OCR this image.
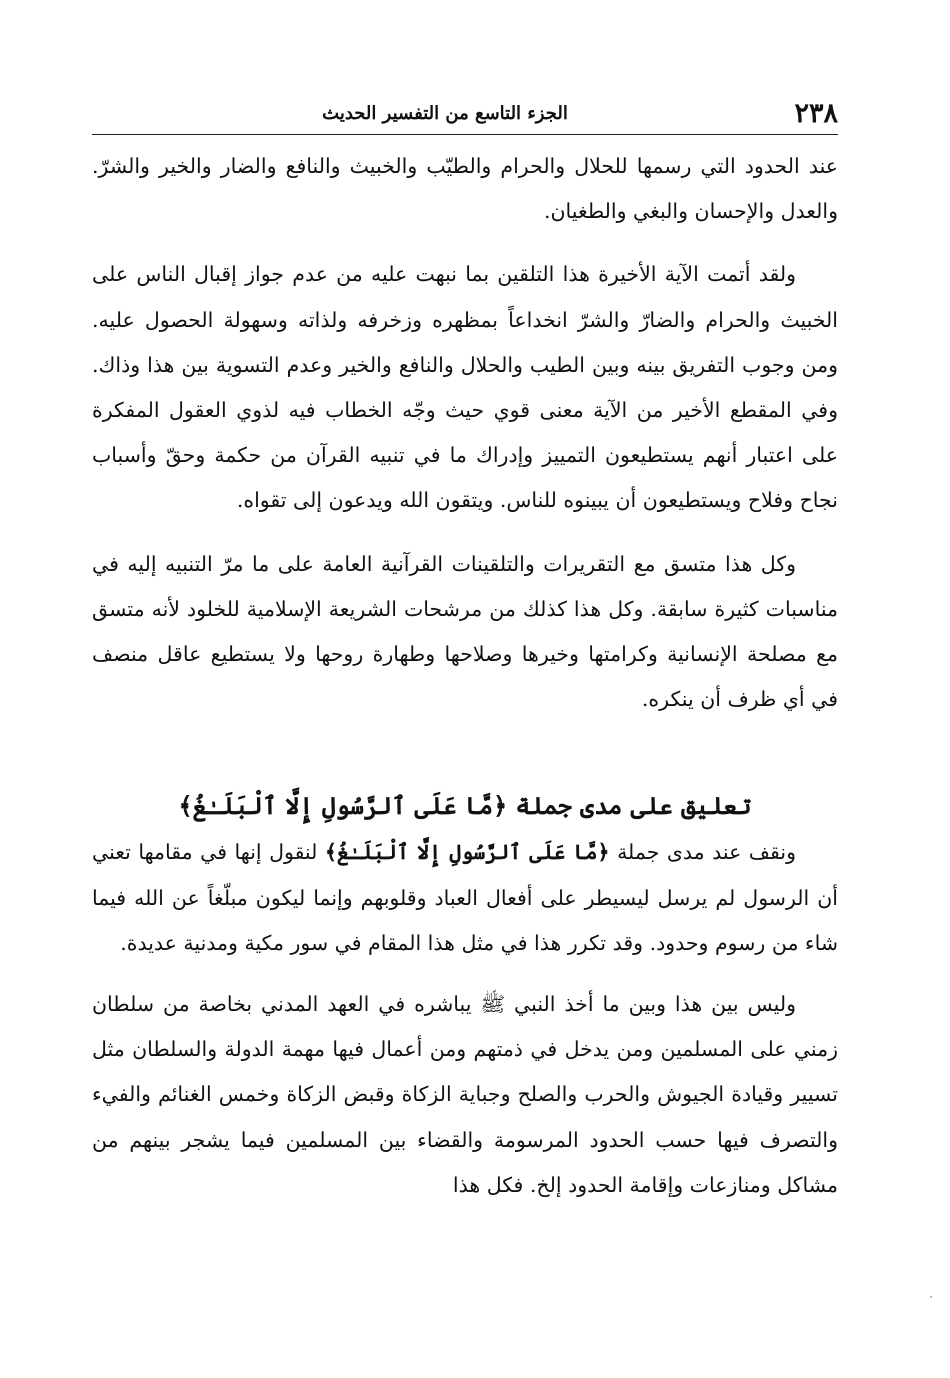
٢٣٨
الجزء التاسع من التفسير الحديث

عند الحدود التي رسمها للحلال والحرام والطيّب والخبيث والنافع والضار والخير والشرّ. والعدل والإحسان والبغي والطغيان.

ولقد أتمت الآية الأخيرة هذا التلقين بما نبهت عليه من عدم جواز إقبال الناس على الخبيث والحرام والضارّ والشرّ انخداعاً بمظهره وزخرفه ولذاته وسهولة الحصول عليه. ومن وجوب التفريق بينه وبين الطيب والحلال والنافع والخير وعدم التسوية بين هذا وذاك. وفي المقطع الأخير من الآية معنى قوي حيث وجّه الخطاب فيه لذوي العقول المفكرة على اعتبار أنهم يستطيعون التمييز وإدراك ما في تنبيه القرآن من حكمة وحقّ وأسباب نجاح وفلاح ويستطيعون أن يبينوه للناس. ويتقون الله ويدعون إلى تقواه.

وكل هذا متسق مع التقريرات والتلقينات القرآنية العامة على ما مرّ التنبيه إليه في مناسبات كثيرة سابقة. وكل هذا كذلك من مرشحات الشريعة الإسلامية للخلود لأنه متسق مع مصلحة الإنسانية وكرامتها وخيرها وصلاحها وطهارة روحها ولا يستطيع عاقل منصف في أي ظرف أن ينكره.

تعليق على مدى جملة ﴿مَّا عَلَى ٱلرَّسُولِ إِلَّا ٱلْبَلَـٰغُ﴾

ونقف عند مدى جملة ﴿مَّا عَلَى ٱلرَّسُولِ إِلَّا ٱلْبَلَـٰغُ﴾ لنقول إنها في مقامها تعني أن الرسول لم يرسل ليسيطر على أفعال العباد وقلوبهم وإنما ليكون مبلّغاً عن الله فيما شاء من رسوم وحدود. وقد تكرر هذا في مثل هذا المقام في سور مكية ومدنية عديدة.

وليس بين هذا وبين ما أخذ النبي ﷺ يباشره في العهد المدني بخاصة من سلطان زمني على المسلمين ومن يدخل في ذمتهم ومن أعمال فيها مهمة الدولة والسلطان مثل تسيير وقيادة الجيوش والحرب والصلح وجباية الزكاة وقبض الزكاة وخمس الغنائم والفيء والتصرف فيها حسب الحدود المرسومة والقضاء بين المسلمين فيما يشجر بينهم من مشاكل ومنازعات وإقامة الحدود إلخ. فكل هذا
